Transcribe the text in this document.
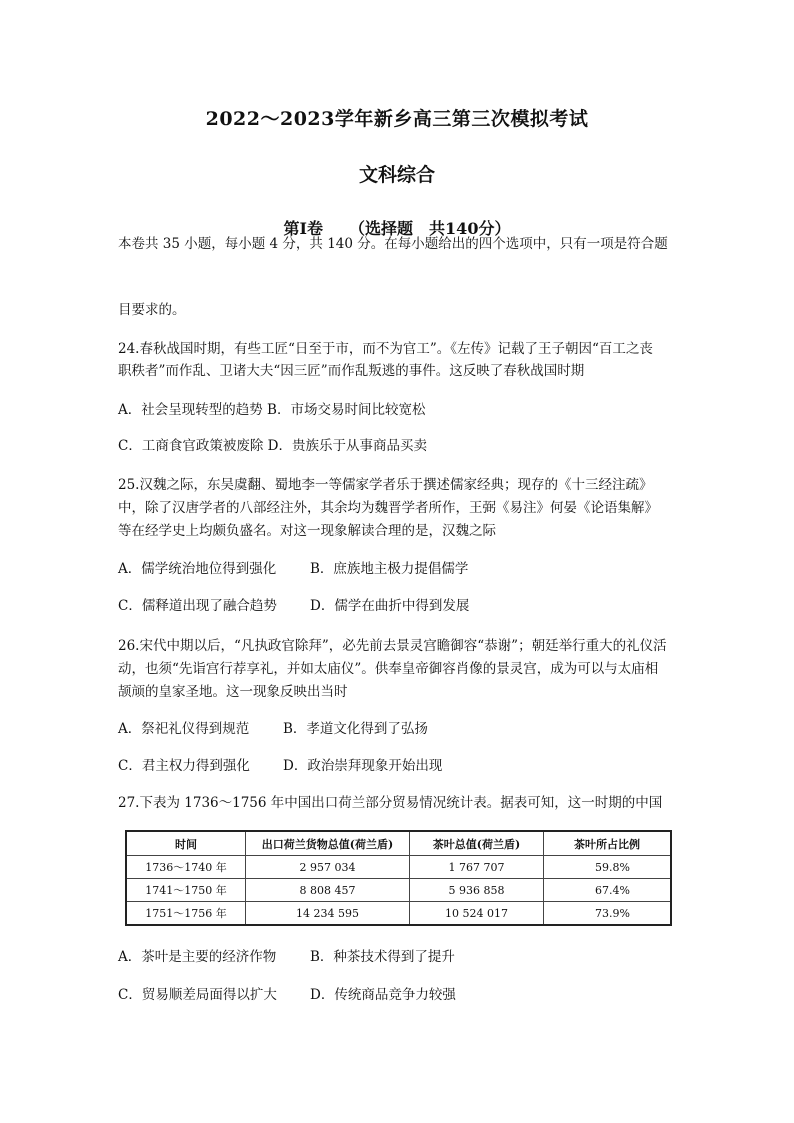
2022～2023学年新乡高三第三次模拟考试
文科综合
第Ⅰ卷 （选择题　共140分）
本卷共 35 小题，每小题 4 分，共 140 分。在每小题给出的四个选项中，只有一项是符合题
目要求的。
24.春秋战国时期，有些工匠“日至于市，而不为官工”。《左传》记载了王子朝因“百工之丧
职秩者”而作乱、卫诸大夫“因三匠”而作乱叛逃的事件。这反映了春秋战国时期
A．社会呈现转型的趋势 B．市场交易时间比较宽松
C．工商食官政策被废除 D．贵族乐于从事商品买卖
25.汉魏之际，东吴虞翻、蜀地李一等儒家学者乐于撰述儒家经典；现存的《十三经注疏》
中，除了汉唐学者的八部经注外，其余均为魏晋学者所作，王弼《易注》何晏《论语集解》
等在经学史上均颇负盛名。对这一现象解读合理的是，汉魏之际
A．儒学统治地位得到强化	B．庶族地主极力提倡儒学
C．儒释道出现了融合趋势 D．儒学在曲折中得到发展
26.宋代中期以后，“凡执政官除拜”，必先前去景灵宫瞻御容“恭谢”；朝廷举行重大的礼仪活
动，也须“先诣宫行荐享礼，并如太庙仪”。供奉皇帝御容肖像的景灵宫，成为可以与太庙相
颉颃的皇家圣地。这一现象反映出当时
A．祭祀礼仪得到规范	B．孝道文化得到了弘扬
C．君主权力得到强化 D．政治崇拜现象开始出现
27.下表为 1736～1756 年中国出口荷兰部分贸易情况统计表。据表可知，这一时期的中国
时间	出口荷兰货物总值(荷兰盾)	茶叶总值(荷兰盾)	茶叶所占比例
1736～1740 年	2 957 034	1 767 707	59.8%
1741～1750 年	8 808 457	5 936 858	67.4%
1751～1756 年	14 234 595	10 524 017	73.9%
A．茶叶是主要的经济作物	B．种茶技术得到了提升
C．贸易顺差局面得以扩大 D．传统商品竞争力较强
